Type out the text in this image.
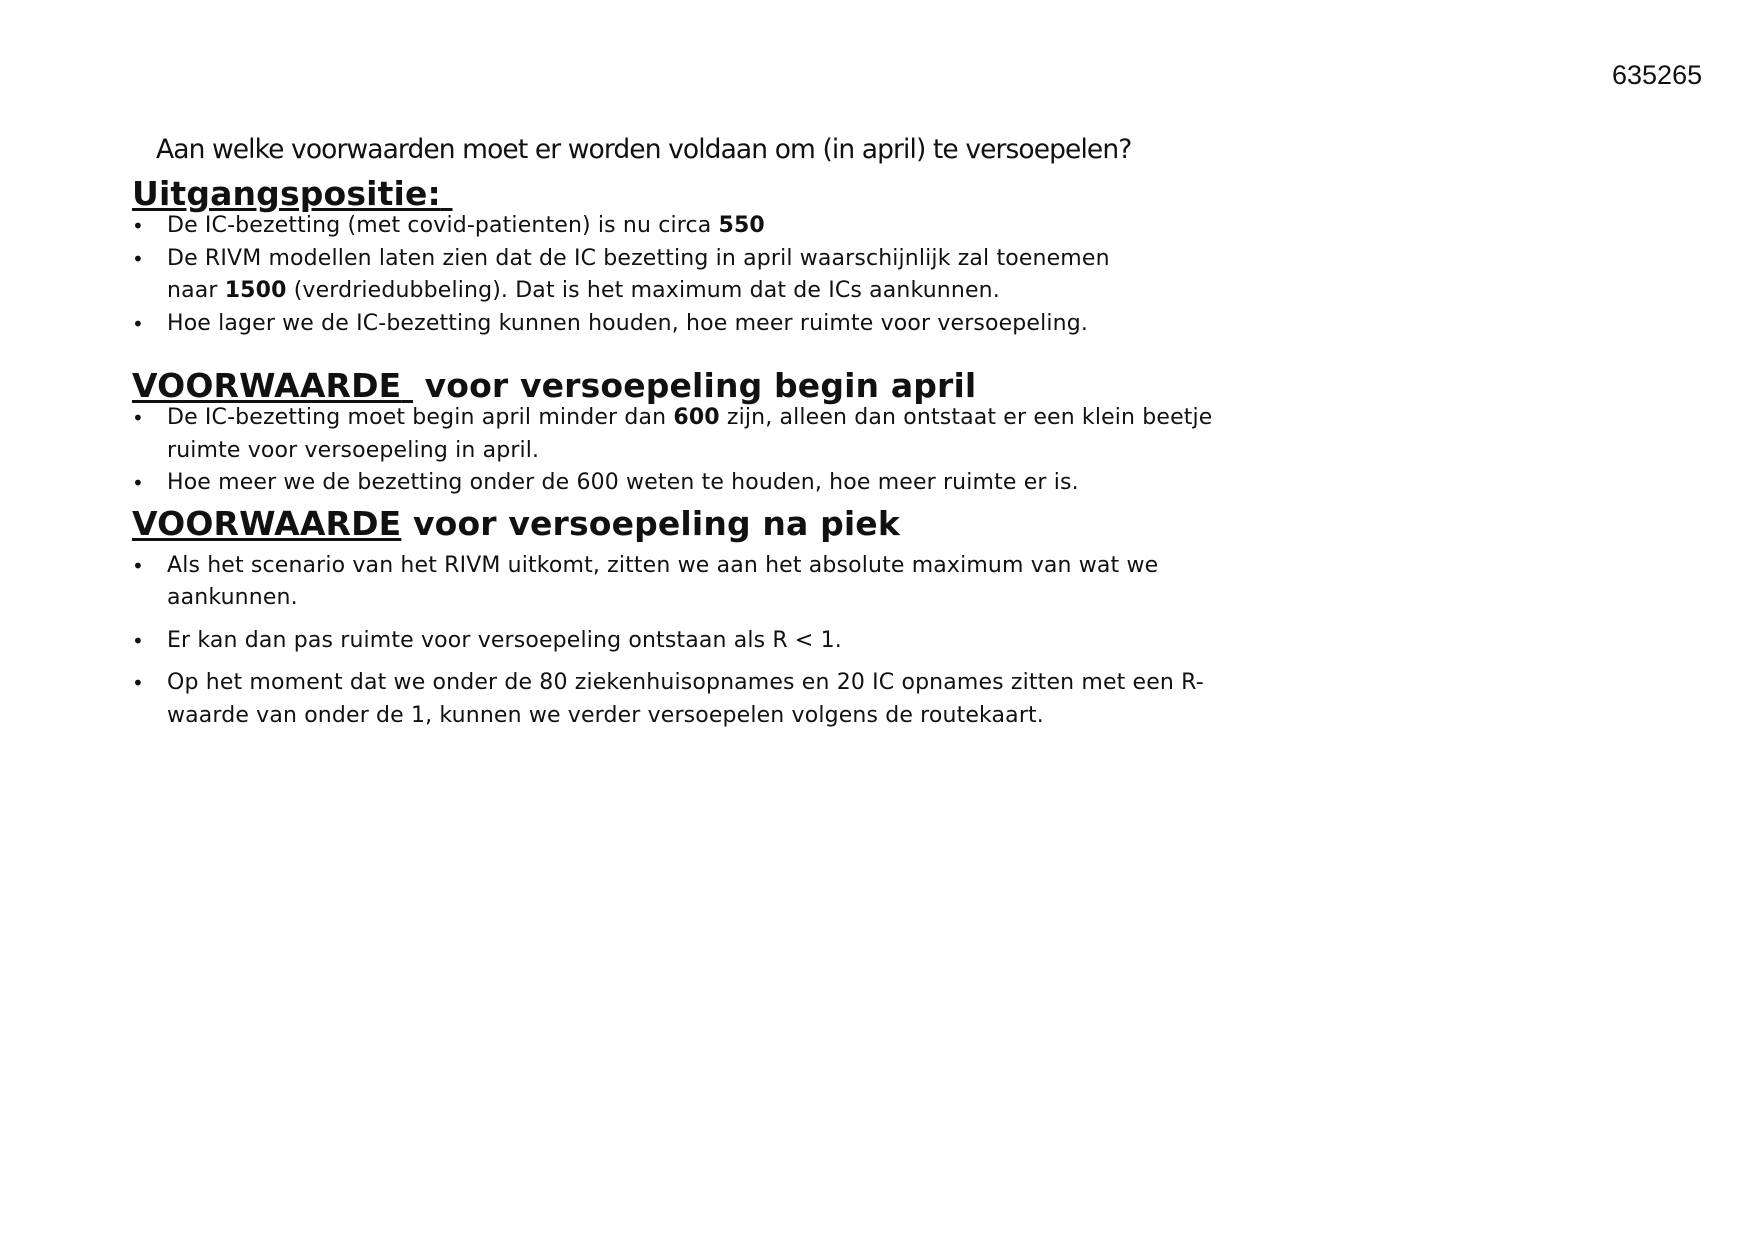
635265
Aan welke voorwaarden moet er worden voldaan om (in april) te versoepelen?
Uitgangspositie:
• De IC-bezetting (met covid-patienten) is nu circa 550
• De RIVM modellen laten zien dat de IC bezetting in april waarschijnlijk zal toenemen naar 1500 (verdriedubbeling). Dat is het maximum dat de ICs aankunnen.
• Hoe lager we de IC-bezetting kunnen houden, hoe meer ruimte voor versoepeling.
VOORWAARDE  voor versoepeling begin april
• De IC-bezetting moet begin april minder dan 600 zijn, alleen dan ontstaat er een klein beetje ruimte voor versoepeling in april.
• Hoe meer we de bezetting onder de 600 weten te houden, hoe meer ruimte er is.
VOORWAARDE voor versoepeling na piek
• Als het scenario van het RIVM uitkomt, zitten we aan het absolute maximum van wat we aankunnen.
• Er kan dan pas ruimte voor versoepeling ontstaan als R < 1.
• Op het moment dat we onder de 80 ziekenhuisopnames en 20 IC opnames zitten met een R-waarde van onder de 1, kunnen we verder versoepelen volgens de routekaart.
